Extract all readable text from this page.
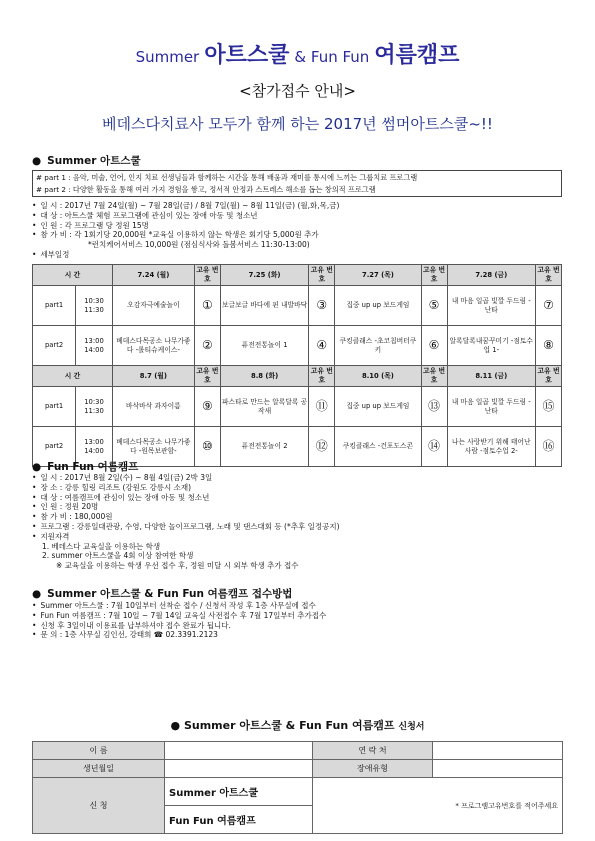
Summer 아트스쿨 & Fun Fun 여름캠프
<참가접수 안내>
베데스다치료사 모두가 함께 하는 2017년 썸머아트스쿨~!!
● Summer 아트스쿨
# part 1 : 음악, 미술, 언어, 인지 치료 선생님들과 함께하는 시간을 통해 배움과 재미를 통시에 느끼는 그룹치료 프로그램
# part 2 : 다양한 활동을 통해 여러 가지 경험을 쌓고, 정서적 안정과 스트레스 해소를 돕는 창의적 프로그램
• 일 시 : 2017년 7월 24일(월) ~ 7월 28일(금) / 8월 7일(월) ~ 8월 11일(금) (월,화,목,금)
• 대 상 : 아트스쿨 체험 프로그램에 관심이 있는 장애 아동 및 청소년
• 인 원 : 각 프로그램 당 정원 15명
• 참 가 비 : 각 1회기당 20,000원 *교육실 이용하지 않는 학생은 회기당 5,000원 추가
*런치케어서비스 10,000원 (점심식사와 돌봄서비스 11:30-13:00)
• 세부일정
시 간		7.24 (월)	고유 번호	7.25 (화)	고유 번호	7.27 (목)	고유 번호	7.28 (금)	고유 번호
part1	10:30 11:30	오감자극예술놀이	①	보글보글 바다에 핀 내발바닥	③	집중 up up 보드게임	⑤	내 마음 일곱 빛깔 두드림 - 난타	⑦
part2	13:00 14:00	베데스다목공소 나무가좋다 -롤티슈케이스-	②	퓨전전통놀이 1	④	쿠킹클래스 -초코칩버터쿠키	⑥	알록달록내꿈꾸미기 -점토수업 1-	⑧
시 간		8.7 (월)	고유 번호	8.8 (화)	고유 번호	8.10 (목)	고유 번호	8.11 (금)	고유 번호
part1	10:30 11:30	바삭바삭 과자이름	⑨	파스타로 만드는 알록달록 공작새	⑪	집중 up up 보드게임	⑬	내 마음 일곱 빛깔 두드림 - 난타	⑮
part2	13:00 14:00	베데스다목공소 나무가좋다 -원목보관함-	⑩	퓨전전통놀이 2	⑫	쿠킹클래스 -건포도스콘	⑭	나는 사랑받기 위해 태어난 사람 -점토수업 2-	⑯
● Fun Fun 여름캠프
• 일 시 : 2017년 8월 2일(수) ~ 8월 4일(금) 2박 3일
• 장 소 : 강릉 힐링 리조트 (강원도 강릉시 소재)
• 대 상 : 여름캠프에 관심이 있는 장애 아동 및 청소년
• 인 원 : 정원 20명
• 참 가 비 : 180,000원
• 프로그램 : 강릉일대관광, 수영, 다양한 놀이프로그램, 노래 및 댄스대회 등 (*추후 일정공지)
• 지원자격
1. 베데스다 교육실을 이용하는 학생
2. summer 아트스쿨을 4회 이상 참여한 학생
※ 교육실을 이용하는 학생 우선 접수 후, 정원 미달 시 외부 학생 추가 접수
● Summer 아트스쿨 & Fun Fun 여름캠프 접수방법
• Summer 아트스쿨 : 7월 10일부터 선착순 접수 / 신청서 작성 후 1층 사무실에 접수
• Fun Fun 여름캠프 : 7월 10일 ~ 7월 14일 교육실 사전접수 후 7월 17일부터 추가접수
• 신청 후 3일이내 이용료를 납부하셔야 접수 완료가 됩니다.
• 문 의 : 1층 사무실 김인선, 강태희 ☎ 02.3391.2123
● Summer 아트스쿨 & Fun Fun 여름캠프 신청서
이 름		연 락 처	
생년월일		장애유형	
신 청	Summer 아트스쿨	* 프로그램고유번호를 적어주세요	
	Fun Fun 여름캠프		
